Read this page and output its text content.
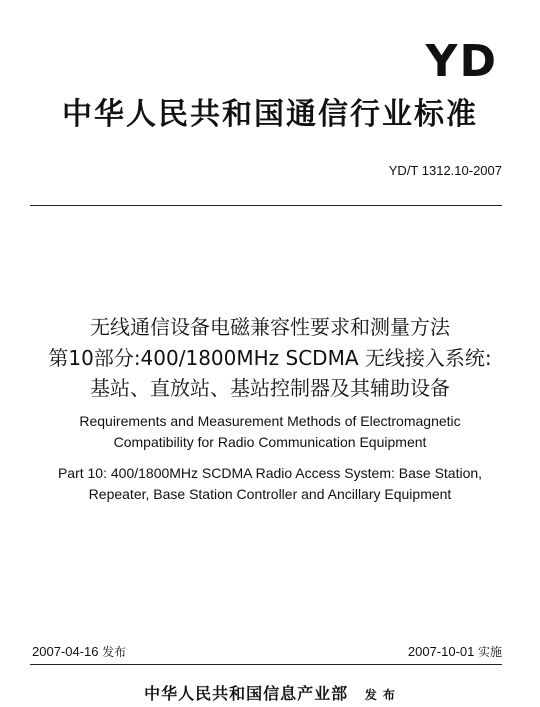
YD
中华人民共和国通信行业标准
YD/T 1312.10-2007
无线通信设备电磁兼容性要求和测量方法
第10部分:400/1800MHz SCDMA 无线接入系统:
基站、直放站、基站控制器及其辅助设备
Requirements and Measurement Methods of Electromagnetic
Compatibility for Radio Communication Equipment
Part 10: 400/1800MHz SCDMA Radio Access System: Base Station,
Repeater, Base Station Controller and Ancillary Equipment
2007-04-16 发布	2007-10-01 实施
中华人民共和国信息产业部 发 布
